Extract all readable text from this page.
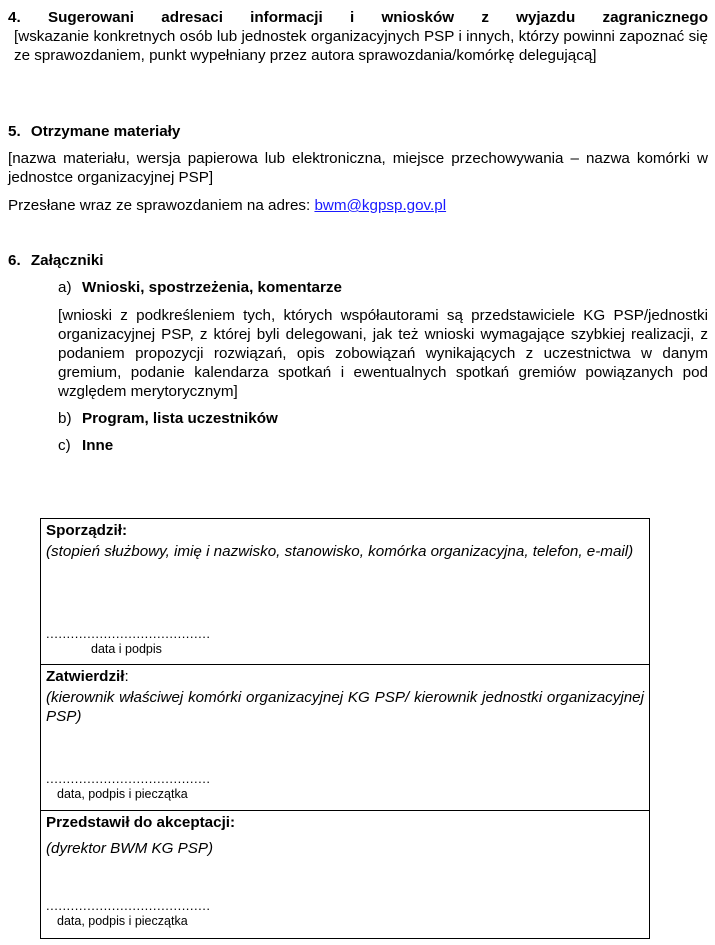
4. Sugerowani adresaci informacji i wniosków z wyjazdu zagranicznego

[wskazanie konkretnych osób lub jednostek organizacyjnych PSP i innych, którzy powinni zapoznać się ze sprawozdaniem, punkt wypełniany przez autora sprawozdania/komórkę delegującą]

5. Otrzymane materiały

[nazwa materiału, wersja papierowa lub elektroniczna, miejsce przechowywania – nazwa komórki w jednostce organizacyjnej PSP]

Przesłane wraz ze sprawozdaniem na adres: bwm@kgpsp.gov.pl

6. Załączniki

a) Wnioski, spostrzeżenia, komentarze

[wnioski z podkreśleniem tych, których współautorami są przedstawiciele KG PSP/jednostki organizacyjnej PSP, z której byli delegowani, jak też wnioski wymagające szybkiej realizacji, z podaniem propozycji rozwiązań, opis zobowiązań wynikających z uczestnictwa w danym gremium, podanie kalendarza spotkań i ewentualnych spotkań gremiów powiązanych pod względem merytorycznym]

b) Program, lista uczestników

c) Inne

Sporządził:

(stopień służbowy, imię i nazwisko, stanowisko, komórka organizacyjna, telefon, e-mail)

........................................
data i podpis

Zatwierdził:

(kierownik właściwej komórki organizacyjnej KG PSP/ kierownik jednostki organizacyjnej PSP)

........................................
data, podpis i pieczątka

Przedstawił do akceptacji:

(dyrektor BWM KG PSP)

........................................
data, podpis i pieczątka
